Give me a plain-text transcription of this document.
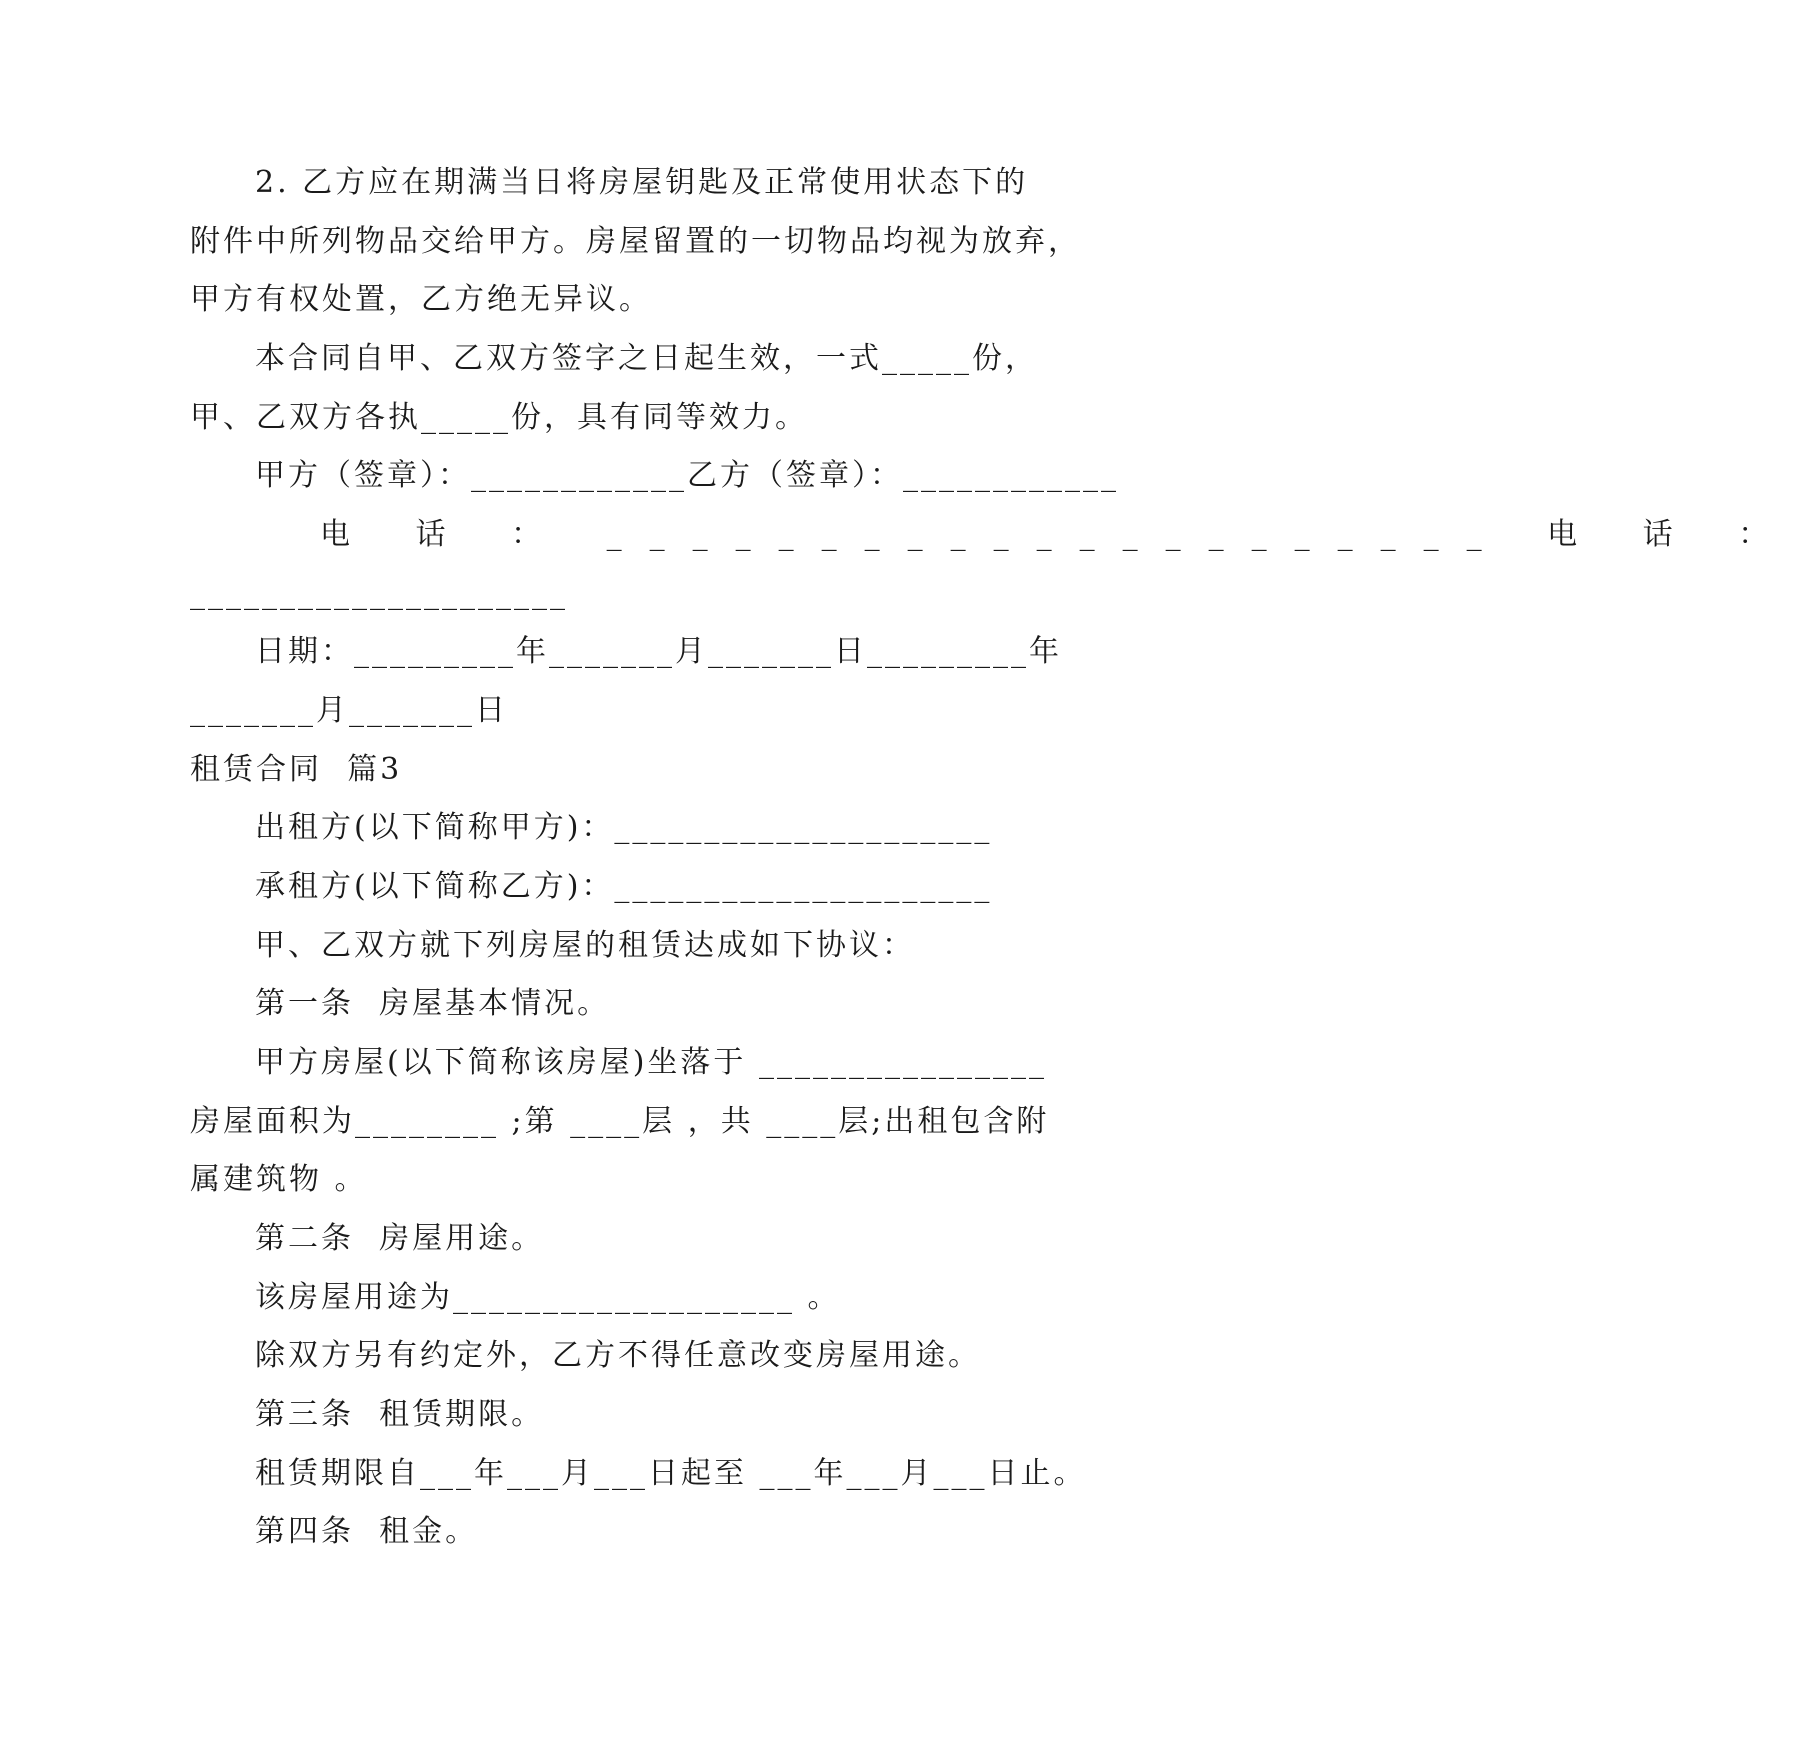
2. 乙方应在期满当日将房屋钥匙及正常使用状态下的
附件中所列物品交给甲方。房屋留置的一切物品均视为放弃，
甲方有权处置，乙方绝无异议。
本合同自甲、乙双方签字之日起生效，一式_____份，
甲、乙双方各执_____份，具有同等效力。
甲方（签章）：____________乙方（签章）：____________
电 话 ： _____________________ 电 话 ：
_____________________
日期：_________年_______月_______日_________年
_______月_______日
租赁合同  篇3
出租方(以下简称甲方)：_____________________
承租方(以下简称乙方)：_____________________
甲、乙双方就下列房屋的租赁达成如下协议：
第一条  房屋基本情况。
甲方房屋(以下简称该房屋)坐落于 ________________
房屋面积为________ ;第 ____层 ，共 ____层;出租包含附
属建筑物 。
第二条  房屋用途。
该房屋用途为___________________ 。
除双方另有约定外，乙方不得任意改变房屋用途。
第三条  租赁期限。
租赁期限自___年___月___日起至 ___年___月___日止。
第四条  租金。
